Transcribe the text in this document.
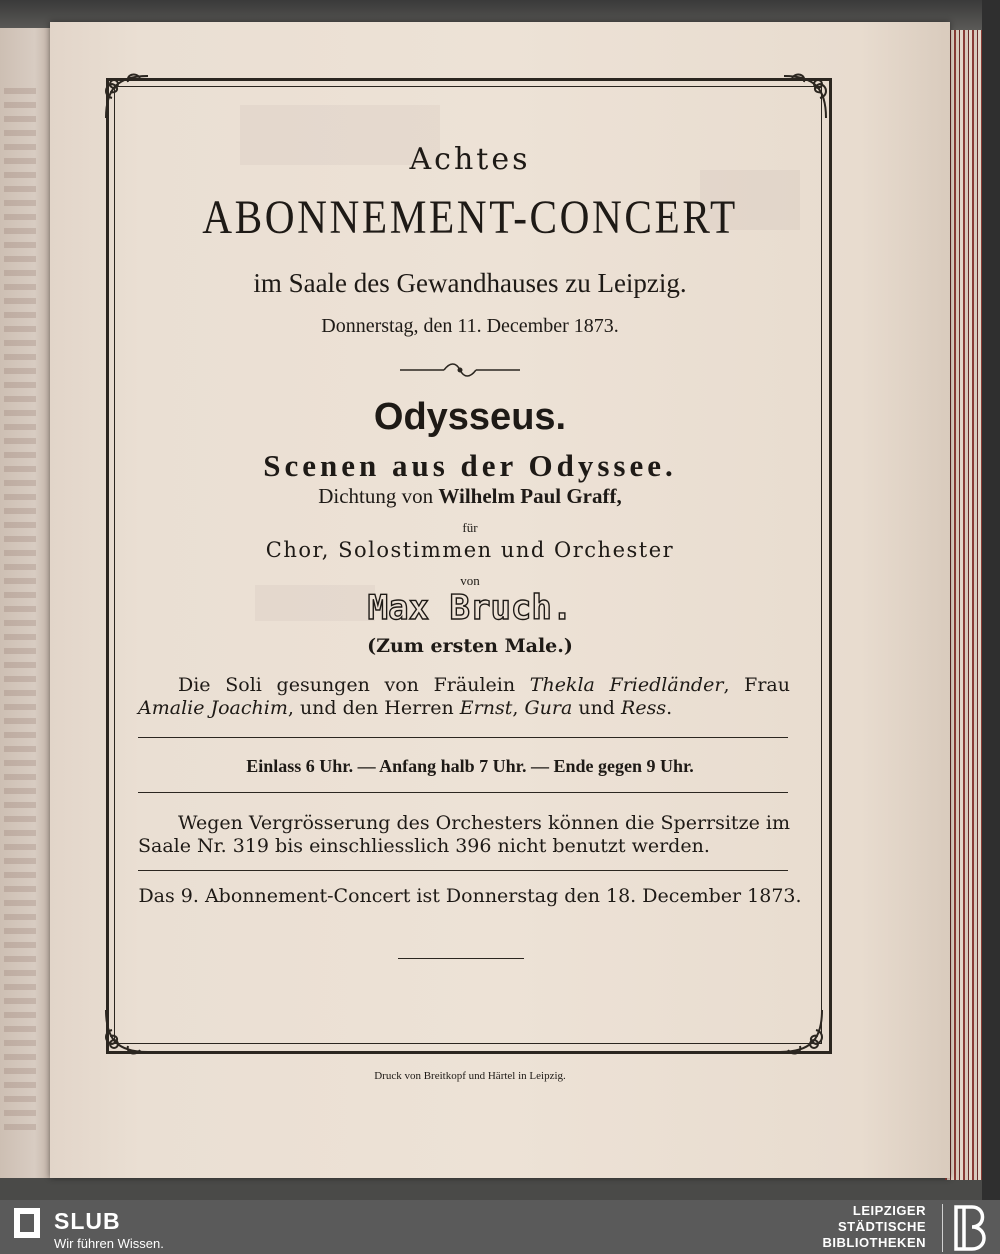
Achtes
ABONNEMENT-CONCERT
im Saale des Gewandhauses zu Leipzig.
Donnerstag, den 11. December 1873.
Odysseus.
Scenen aus der Odyssee.
Dichtung von Wilhelm Paul Graff,
für
Chor, Solostimmen und Orchester
von
Max Bruch.
(Zum ersten Male.)
Die Soli gesungen von Fräulein Thekla Friedländer, Frau Amalie Joachim, und den Herren Ernst, Gura und Ress.
Einlass 6 Uhr. — Anfang halb 7 Uhr. — Ende gegen 9 Uhr.
Wegen Vergrösserung des Orchesters können die Sperrsitze im Saale Nr. 319 bis einschliesslich 396 nicht benutzt werden.
Das 9. Abonnement-Concert ist Donnerstag den 18. December 1873.
Druck von Breitkopf und Härtel in Leipzig.
SLUB
Wir führen Wissen.
LEIPZIGER
STÄDTISCHE
BIBLIOTHEKEN
